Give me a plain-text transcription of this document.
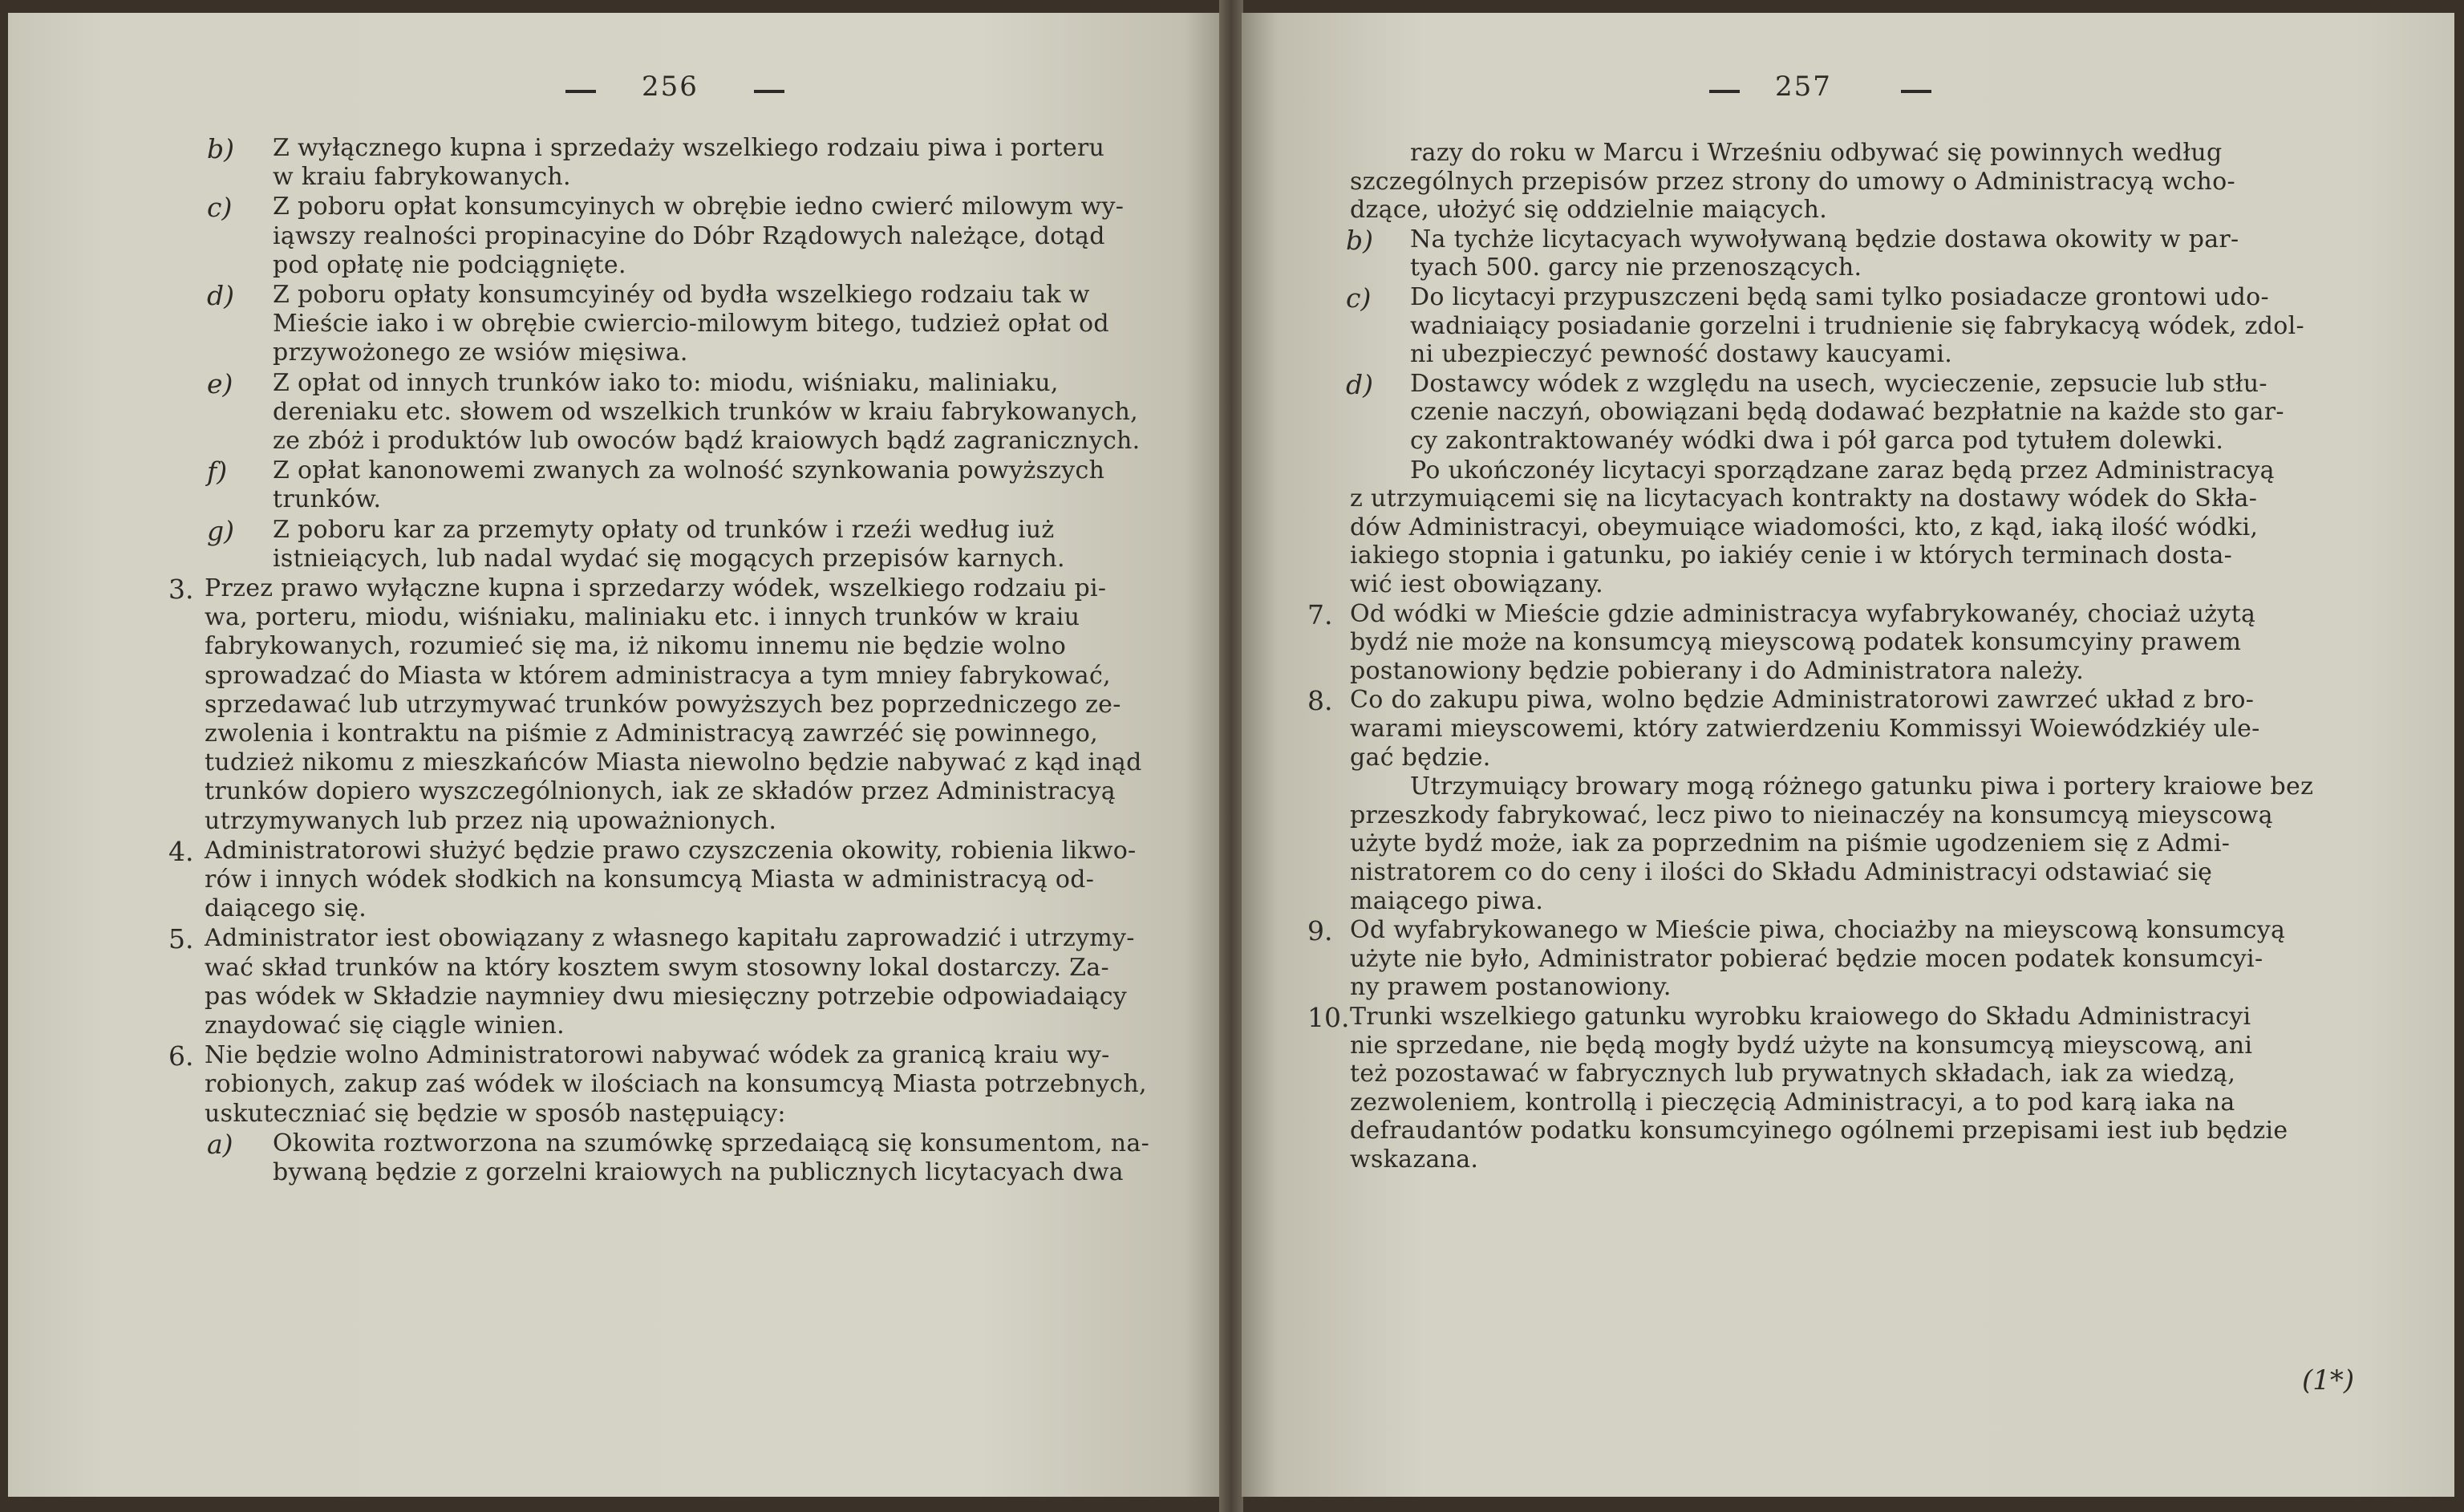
256
b) Z wyłącznego kupna i sprzedaży wszelkiego rodzaiu piwa i porteru
w kraiu fabrykowanych.
c) Z poboru opłat konsumcyinych w obrębie iedno cwierć milowym wy-
iąwszy realności propinacyine do Dóbr Rządowych należące, dotąd
pod opłatę nie podciągnięte.
d) Z poboru opłaty konsumcyinéy od bydła wszelkiego rodzaiu tak w
Mieście iako i w obrębie cwiercio-milowym bitego, tudzież opłat od
przywożonego ze wsiów mięsiwa.
e) Z opłat od innych trunków iako to: miodu, wiśniaku, maliniaku,
dereniaku etc. słowem od wszelkich trunków w kraiu fabrykowanych,
ze zbóż i produktów lub owoców bądź kraiowych bądź zagranicznych.
f) Z opłat kanonowemi zwanych za wolność szynkowania powyższych
trunków.
g) Z poboru kar za przemyty opłaty od trunków i rzeźi według iuż
istnieiących, lub nadal wydać się mogących przepisów karnych.
3. Przez prawo wyłączne kupna i sprzedarzy wódek, wszelkiego rodzaiu pi-
wa, porteru, miodu, wiśniaku, maliniaku etc. i innych trunków w kraiu
fabrykowanych, rozumieć się ma, iż nikomu innemu nie będzie wolno
sprowadzać do Miasta w którem administracya a tym mniey fabrykować,
sprzedawać lub utrzymywać trunków powyższych bez poprzedniczego ze-
zwolenia i kontraktu na piśmie z Administracyą zawrzéć się powinnego,
tudzież nikomu z mieszkańców Miasta niewolno będzie nabywać z kąd inąd
trunków dopiero wyszczególnionych, iak ze składów przez Administracyą
utrzymywanych lub przez nią upoważnionych.
4. Administratorowi służyć będzie prawo czyszczenia okowity, robienia likwo-
rów i innych wódek słodkich na konsumcyą Miasta w administracyą od-
daiącego się.
5. Administrator iest obowiązany z własnego kapitału zaprowadzić i utrzymy-
wać skład trunków na który kosztem swym stosowny lokal dostarczy. Za-
pas wódek w Składzie naymniey dwu miesięczny potrzebie odpowiadaiący
znaydować się ciągle winien.
6. Nie będzie wolno Administratorowi nabywać wódek za granicą kraiu wy-
robionych, zakup zaś wódek w ilościach na konsumcyą Miasta potrzebnych,
uskuteczniać się będzie w sposób następuiący:
a) Okowita roztworzona na szumówkę sprzedaiącą się konsumentom, na-
bywaną będzie z gorzelni kraiowych na publicznych licytacyach dwa
257
razy do roku w Marcu i Wrześniu odbywać się powinnych według
szczególnych przepisów przez strony do umowy o Administracyą wcho-
dzące, ułożyć się oddzielnie maiących.
b) Na tychże licytacyach wywoływaną będzie dostawa okowity w par-
tyach 500. garcy nie przenoszących.
c) Do licytacyi przypuszczeni będą sami tylko posiadacze grontowi udo-
wadniaiący posiadanie gorzelni i trudnienie się fabrykacyą wódek, zdol-
ni ubezpieczyć pewność dostawy kaucyami.
d) Dostawcy wódek z względu na usech, wycieczenie, zepsucie lub stłu-
czenie naczyń, obowiązani będą dodawać bezpłatnie na każde sto gar-
cy zakontraktowanéy wódki dwa i pół garca pod tytułem dolewki.
Po ukończonéy licytacyi sporządzane zaraz będą przez Administracyą
z utrzymuiącemi się na licytacyach kontrakty na dostawy wódek do Skła-
dów Administracyi, obeymuiące wiadomości, kto, z kąd, iaką ilość wódki,
iakiego stopnia i gatunku, po iakiéy cenie i w których terminach dosta-
wić iest obowiązany.
7. Od wódki w Mieście gdzie administracya wyfabrykowanéy, chociaż użytą
bydź nie może na konsumcyą mieyscową podatek konsumcyiny prawem
postanowiony będzie pobierany i do Administratora należy.
8. Co do zakupu piwa, wolno będzie Administratorowi zawrzeć układ z bro-
warami mieyscowemi, który zatwierdzeniu Kommissyi Woiewódzkiéy ule-
gać będzie.
Utrzymuiący browary mogą różnego gatunku piwa i portery kraiowe bez
przeszkody fabrykować, lecz piwo to nieinaczéy na konsumcyą mieyscową
użyte bydź może, iak za poprzednim na piśmie ugodzeniem się z Admi-
nistratorem co do ceny i ilości do Składu Administracyi odstawiać się
maiącego piwa.
9. Od wyfabrykowanego w Mieście piwa, chociażby na mieyscową konsumcyą
użyte nie było, Administrator pobierać będzie mocen podatek konsumcyi-
ny prawem postanowiony.
10. Trunki wszelkiego gatunku wyrobku kraiowego do Składu Administracyi
nie sprzedane, nie będą mogły bydź użyte na konsumcyą mieyscową, ani
też pozostawać w fabrycznych lub prywatnych składach, iak za wiedzą,
zezwoleniem, kontrollą i pieczęcią Administracyi, a to pod karą iaka na
defraudantów podatku konsumcyinego ogólnemi przepisami iest iub będzie
wskazana.
(1*)
